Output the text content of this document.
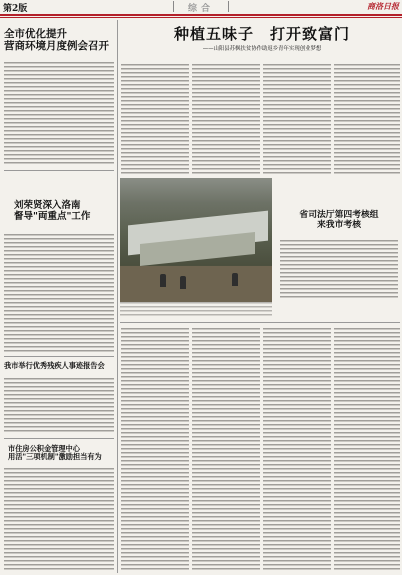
第2版	综合	商洛日报
全市优化提升
营商环境月度例会召开
刘荣贤深入洛南
督导"両重点"工作
我市举行优秀残疾人事迹报告会
市住房公积金管理中心
用活"三项机制"激励担当有为
种植五味子　打开致富门
——山阳县苏枫扶贫协作助返乡青年实现创业梦想
省司法厅第四考核组
来我市考核
